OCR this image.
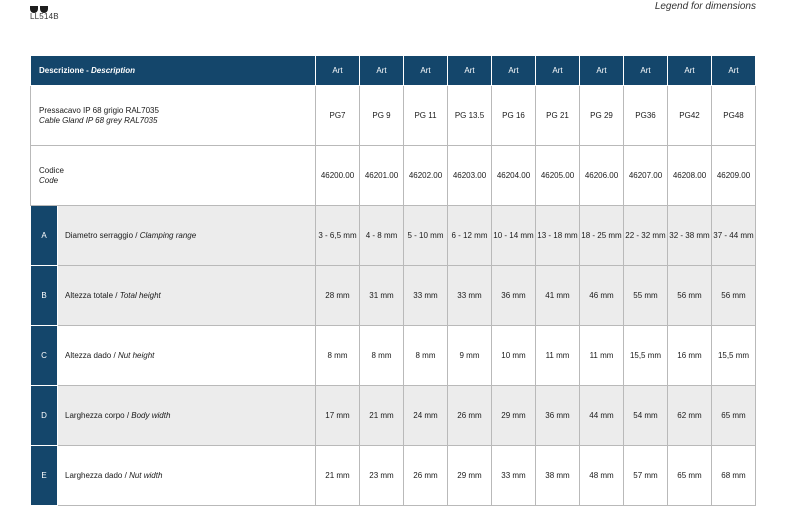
LL514B
Legend for dimensions
Descrizione - Description		Art	Art	Art	Art	Art	Art	Art	Art	Art	Art

Pressacavo IP 68 grigio RAL7035
Cable Gland IP 68 grey RAL7035		PG7	PG 9	PG 11	PG 13.5	PG 16	PG 21	PG 29	PG36	PG42	PG48

Codice
Code		46200.00	46201.00	46202.00	46203.00	46204.00	46205.00	46206.00	46207.00	46208.00	46209.00
A	Diametro serraggio / Clamping range	3 - 6,5 mm	4 - 8 mm	5 - 10 mm	6 - 12 mm	10 - 14 mm	13 - 18 mm	18 - 25 mm	22 - 32 mm	32 - 38 mm	37 - 44 mm
B	Altezza totale / Total height	28 mm	31 mm	33 mm	33 mm	36 mm	41 mm	46 mm	55 mm	56 mm	56 mm
C	Altezza dado / Nut height	8 mm	8 mm	8 mm	9 mm	10 mm	11 mm	11 mm	15,5 mm	16 mm	15,5 mm
D	Larghezza corpo / Body width	17 mm	21 mm	24 mm	26 mm	29 mm	36 mm	44 mm	54 mm	62 mm	65 mm
E	Larghezza dado / Nut width	21 mm	23 mm	26 mm	29 mm	33 mm	38 mm	48 mm	57 mm	65 mm	68 mm
